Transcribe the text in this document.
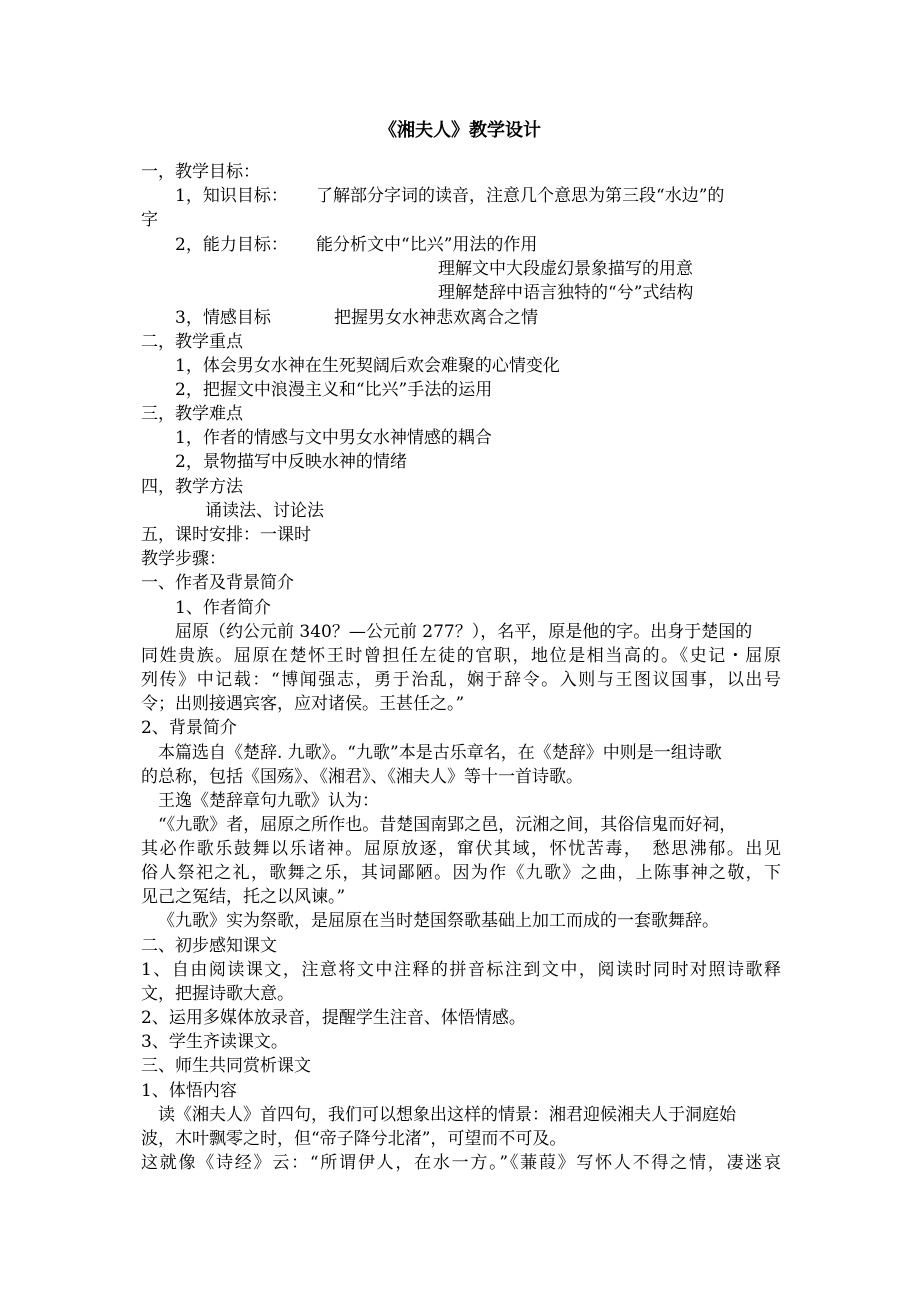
《湘夫人》教学设计
一，教学目标：
1，知识目标： 了解部分字词的读音，注意几个意思为第三段“水边”的
字
2，能力目标： 能分析文中“比兴”用法的作用
理解文中大段虚幻景象描写的用意
理解楚辞中语言独特的“兮”式结构
3，情感目标	把握男女水神悲欢离合之情
二，教学重点
1，体会男女水神在生死契阔后欢会难聚的心情变化
2，把握文中浪漫主义和“比兴”手法的运用
三，教学难点
1，作者的情感与文中男女水神情感的耦合
2，景物描写中反映水神的情绪
四，教学方法
诵读法、讨论法
五，课时安排：一课时
教学步骤：
一、作者及背景简介
1、作者简介
屈原（约公元前 340？—公元前 277？），名平，原是他的字。出身于楚国的
同姓贵族。屈原在楚怀王时曾担任左徒的官职，地位是相当高的。《史记・屈原
列传》中记载：“博闻强志，勇于治乱，娴于辞令。入则与王图议国事，以出号
令；出则接遇宾客，应对诸侯。王甚任之。”
2、背景简介
本篇选自《楚辞. 九歌》。“九歌”本是古乐章名，在《楚辞》中则是一组诗歌
的总称，包括《国殇》、《湘君》、《湘夫人》等十一首诗歌。
王逸《楚辞章句九歌》认为：
“《九歌》者，屈原之所作也。昔楚国南郢之邑，沅湘之间，其俗信鬼而好祠，
其必作歌乐鼓舞以乐诸神。屈原放逐，窜伏其域，怀忧苦毒，　愁思沸郁。出见
俗人祭祀之礼，歌舞之乐，其词鄙陋。因为作《九歌》之曲，上陈事神之敬，下
见己之冤结，托之以风谏。”
《九歌》实为祭歌，是屈原在当时楚国祭歌基础上加工而成的一套歌舞辞。
二、初步感知课文
1、自由阅读课文，注意将文中注释的拼音标注到文中，阅读时同时对照诗歌释
文，把握诗歌大意。
2、运用多媒体放录音，提醒学生注音、体悟情感。
3、学生齐读课文。
三、师生共同赏析课文
1、体悟内容
读《湘夫人》首四句，我们可以想象出这样的情景：湘君迎候湘夫人于洞庭始
波，木叶飘零之时，但“帝子降兮北渚”，可望而不可及。
这就像《诗经》云：“所谓伊人，在水一方。”《蒹葭》写怀人不得之情，凄迷哀
